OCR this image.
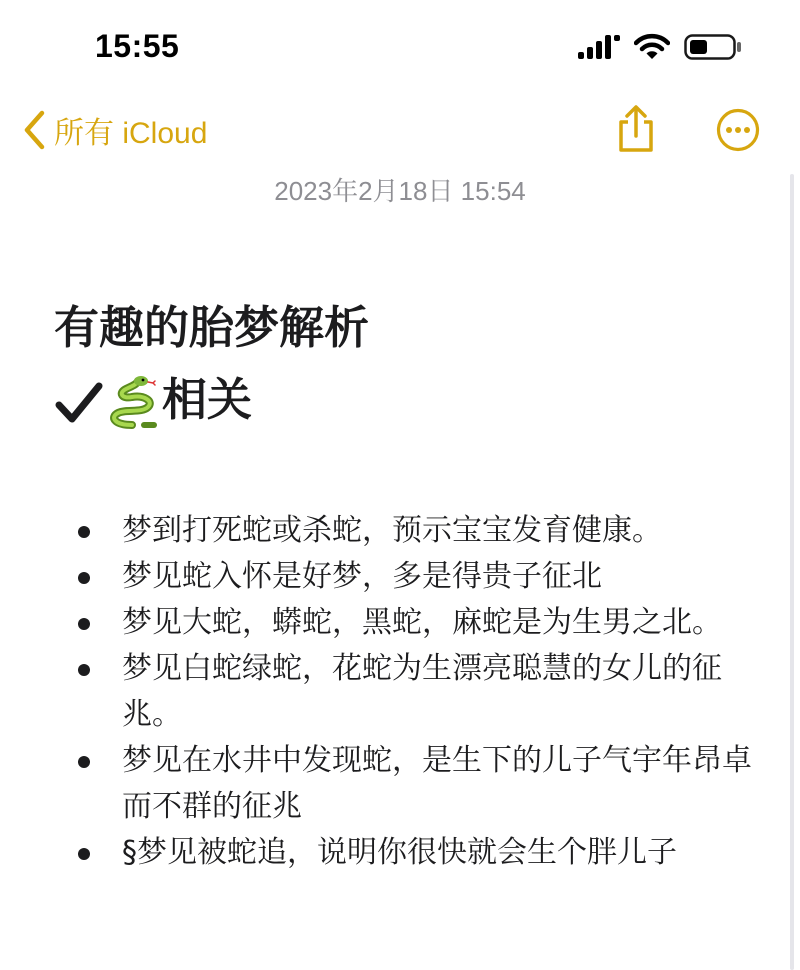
15:55
所有 iCloud
2023年2月18日 15:54
有趣的胎梦解析
相关
梦到打死蛇或杀蛇，预示宝宝发育健康。
梦见蛇入怀是好梦，多是得贵子征北
梦见大蛇，蟒蛇，黑蛇，麻蛇是为生男之北。
梦见白蛇绿蛇，花蛇为生漂亮聪慧的女儿的征兆。
梦见在水井中发现蛇，是生下的儿子气宇年昂卓而不群的征兆
§梦见被蛇追，说明你很快就会生个胖儿子
